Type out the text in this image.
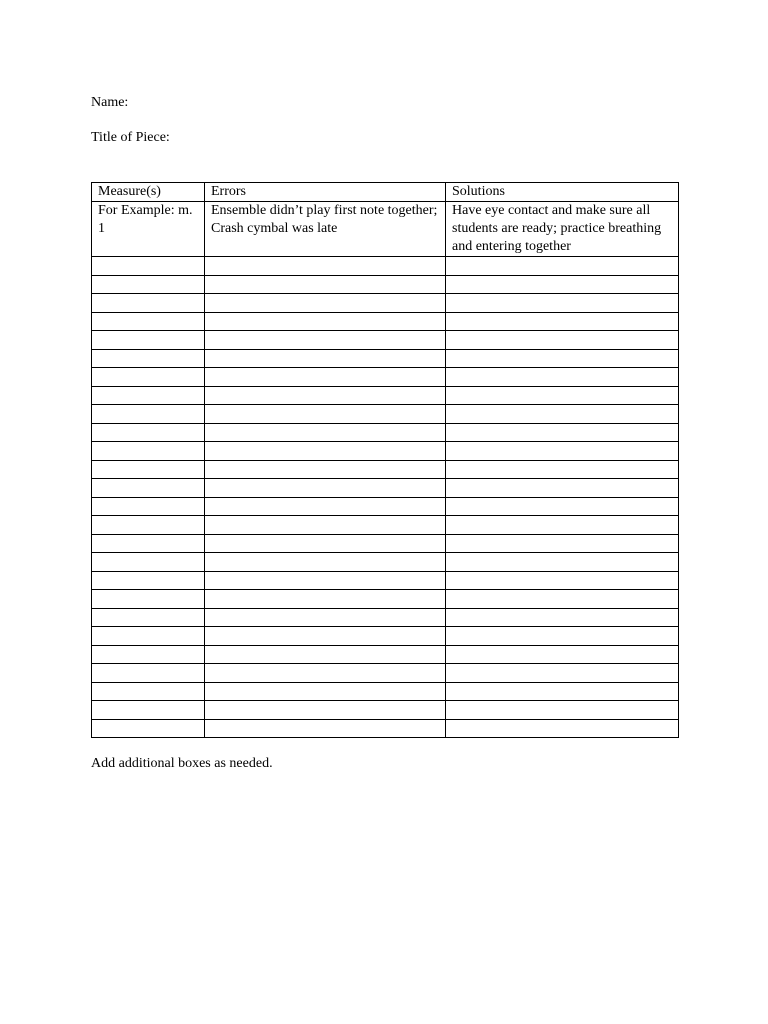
Name:
Title of Piece:
Measure(s)	Errors	Solutions
For Example: m. 1	Ensemble didn’t play first note together; Crash cymbal was late	Have eye contact and make sure all students are ready; practice breathing and entering together

Add additional boxes as needed.
